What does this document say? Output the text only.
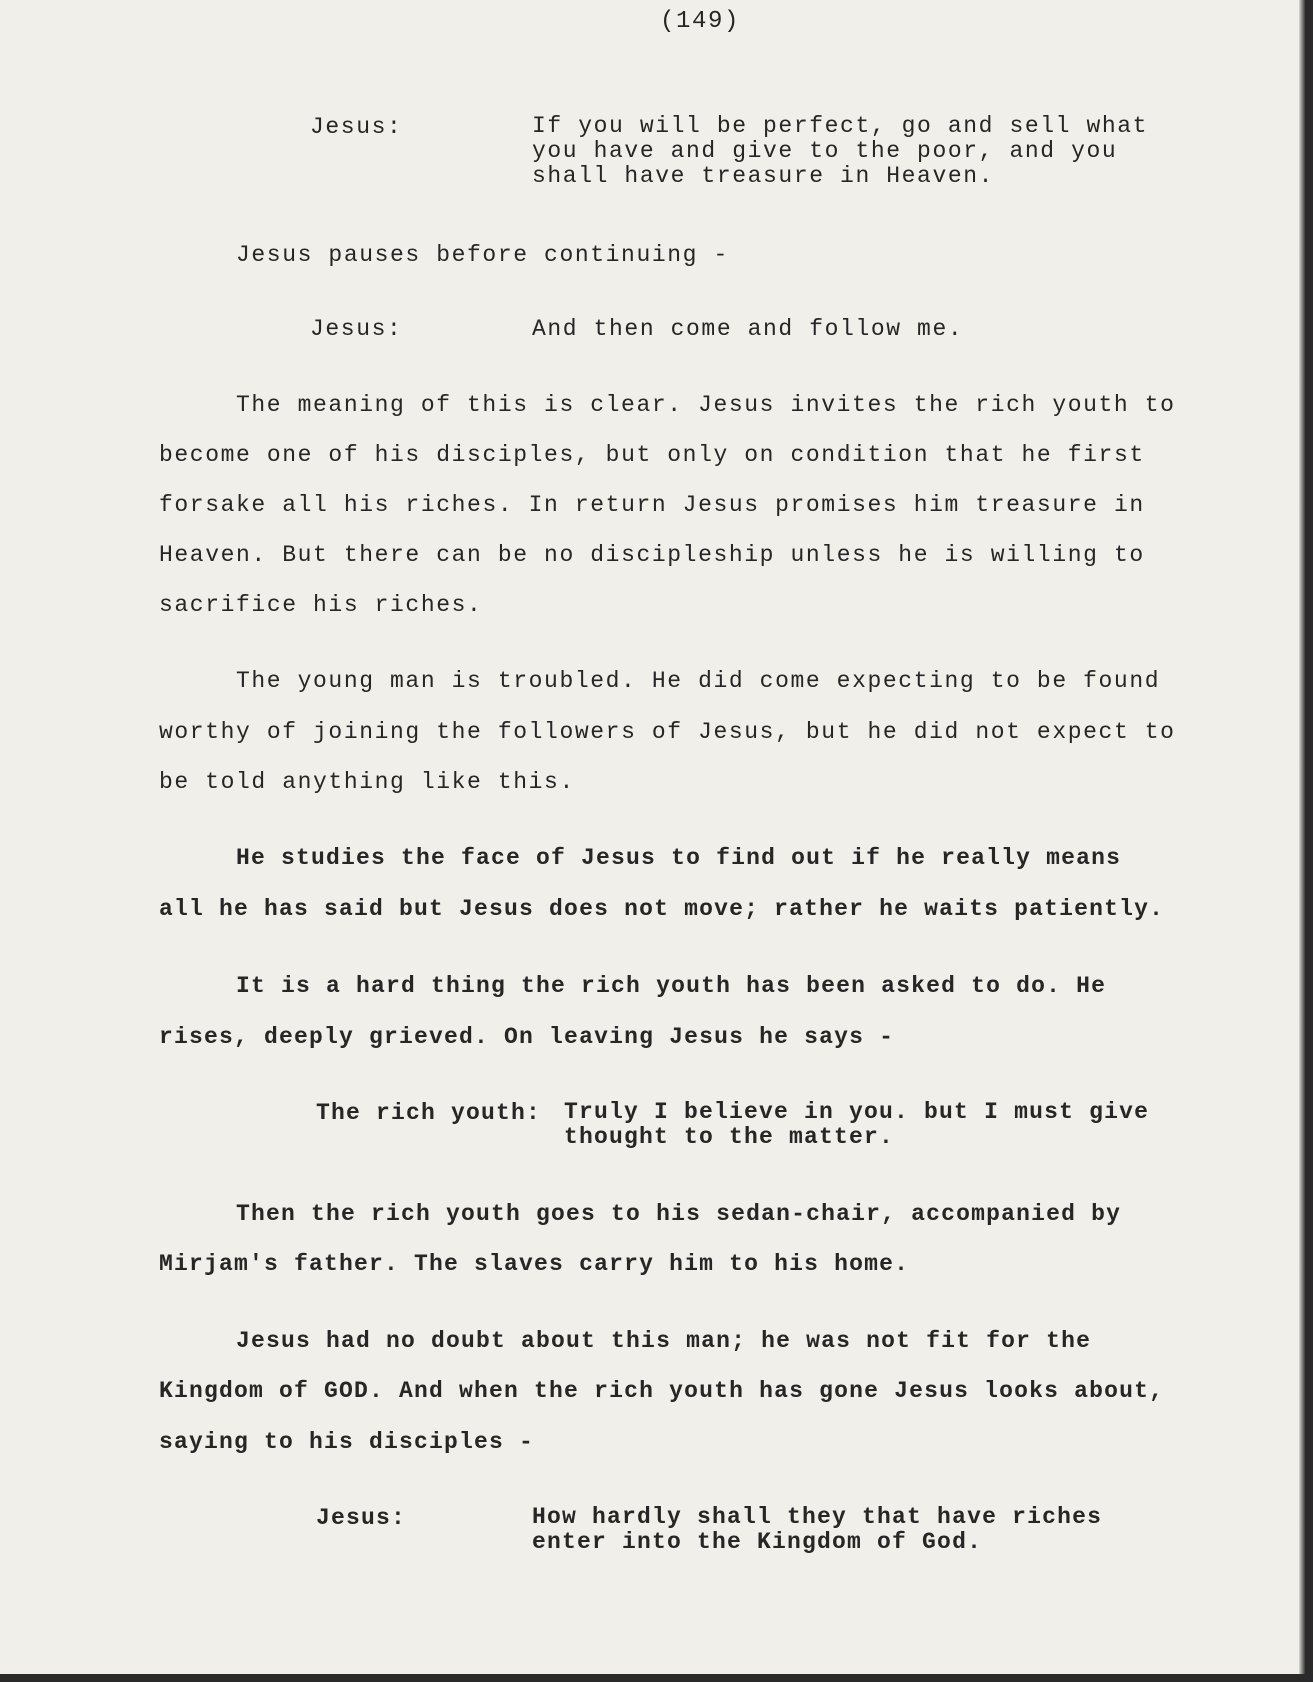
(149)
Jesus:	If you will be perfect, go and sell what
you have and give to the poor, and you
shall have treasure in Heaven.
Jesus pauses before continuing -
Jesus:	And then come and follow me.
The meaning of this is clear. Jesus invites the rich youth to
become one of his disciples, but only on condition that he first
forsake all his riches. In return Jesus promises him treasure in
Heaven. But there can be no discipleship unless he is willing to
sacrifice his riches.
The young man is troubled. He did come expecting to be found
worthy of joining the followers of Jesus, but he did not expect to
be told anything like this.
He studies the face of Jesus to find out if he really means
all he has said but Jesus does not move; rather he waits patiently.
It is a hard thing the rich youth has been asked to do. He
rises, deeply grieved. On leaving Jesus he says -
The rich youth: Truly I believe in you. but I must give
thought to the matter.
Then the rich youth goes to his sedan-chair, accompanied by
Mirjam's father. The slaves carry him to his home.
Jesus had no doubt about this man; he was not fit for the
Kingdom of GOD. And when the rich youth has gone Jesus looks about,
saying to his disciples -
Jesus:	How hardly shall they that have riches
enter into the Kingdom of God.
